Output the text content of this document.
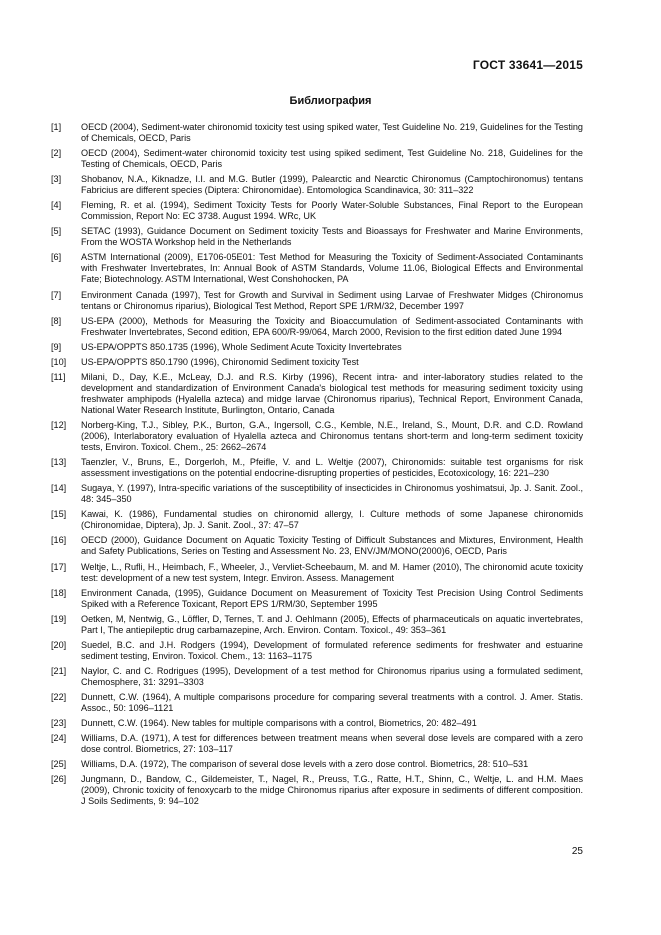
ГОСТ 33641—2015
Библиография
[1]	OECD (2004), Sediment-water chironomid toxicity test using spiked water, Test Guideline No. 219, Guidelines for the Testing of Chemicals, OECD, Paris
[2]	OECD (2004), Sediment-water chironomid toxicity test using spiked sediment, Test Guideline No. 218, Guidelines for the Testing of Chemicals, OECD, Paris
[3]	Shobanov, N.A., Kiknadze, I.I. and M.G. Butler (1999), Palearctic and Nearctic Chironomus (Camptochironomus) tentans Fabricius are different species (Diptera: Chironomidae). Entomologica Scandinavica, 30: 311–322
[4]	Fleming, R. et al. (1994), Sediment Toxicity Tests for Poorly Water-Soluble Substances, Final Report to the European Commission, Report No: EC 3738. August 1994. WRc, UK
[5]	SETAC (1993), Guidance Document on Sediment toxicity Tests and Bioassays for Freshwater and Marine Environments, From the WOSTA Workshop held in the Netherlands
[6]	ASTM International (2009), E1706-05E01: Test Method for Measuring the Toxicity of Sediment-Associated Contaminants with Freshwater Invertebrates, In: Annual Book of ASTM Standards, Volume 11.06, Biological Effects and Environmental Fate; Biotechnology. ASTM International, West Conshohocken, PA
[7]	Environment Canada (1997), Test for Growth and Survival in Sediment using Larvae of Freshwater Midges (Chironomus tentans or Chironomus riparius), Biological Test Method, Report SPE 1/RM/32, December 1997
[8]	US-EPA (2000), Methods for Measuring the Toxicity and Bioaccumulation of Sediment-associated Contaminants with Freshwater Invertebrates, Second edition, EPA 600/R-99/064, March 2000, Revision to the first edition dated June 1994
[9]	US-EPA/OPPTS 850.1735 (1996), Whole Sediment Acute Toxicity Invertebrates
[10]	US-EPA/OPPTS 850.1790 (1996), Chironomid Sediment toxicity Test
[11]	Milani, D., Day, K.E., McLeay, D.J. and R.S. Kirby (1996), Recent intra- and inter-laboratory studies related to the development and standardization of Environment Canada's biological test methods for measuring sediment toxicity using freshwater amphipods (Hyalella azteca) and midge larvae (Chironomus riparius), Technical Report, Environment Canada, National Water Research Institute, Burlington, Ontario, Canada
[12]	Norberg-King, T.J., Sibley, P.K., Burton, G.A., Ingersoll, C.G., Kemble, N.E., Ireland, S., Mount, D.R. and C.D. Rowland (2006), Interlaboratory evaluation of Hyalella azteca and Chironomus tentans short-term and long-term sediment toxicity tests, Environ. Toxicol. Chem., 25: 2662–2674
[13]	Taenzler, V., Bruns, E., Dorgerloh, M., Pfeifle, V. and L. Weltje (2007), Chironomids: suitable test organisms for risk assessment investigations on the potential endocrine-disrupting properties of pesticides, Ecotoxicology, 16: 221–230
[14]	Sugaya, Y. (1997), Intra-specific variations of the susceptibility of insecticides in Chironomus yoshimatsui, Jp. J. Sanit. Zool., 48: 345–350
[15]	Kawai, K. (1986), Fundamental studies on chironomid allergy, I. Culture methods of some Japanese chironomids (Chironomidae, Diptera), Jp. J. Sanit. Zool., 37: 47–57
[16]	OECD (2000), Guidance Document on Aquatic Toxicity Testing of Difficult Substances and Mixtures, Environment, Health and Safety Publications, Series on Testing and Assessment No. 23, ENV/JM/MONO(2000)6, OECD, Paris
[17]	Weltje, L., Rufli, H., Heimbach, F., Wheeler, J., Vervliet-Scheebaum, M. and M. Hamer (2010), The chironomid acute toxicity test: development of a new test system, Integr. Environ. Assess. Management
[18]	Environment Canada, (1995), Guidance Document on Measurement of Toxicity Test Precision Using Control Sediments Spiked with a Reference Toxicant, Report EPS 1/RM/30, September 1995
[19]	Oetken, M, Nentwig, G., Löffler, D, Ternes, T. and J. Oehlmann (2005), Effects of pharmaceuticals on aquatic invertebrates, Part I, The antiepileptic drug carbamazepine, Arch. Environ. Contam. Toxicol., 49: 353–361
[20]	Suedel, B.C. and J.H. Rodgers (1994), Development of formulated reference sediments for freshwater and estuarine sediment testing, Environ. Toxicol. Chem., 13: 1163–1175
[21]	Naylor, C. and C. Rodrigues (1995), Development of a test method for Chironomus riparius using a formulated sediment, Chemosphere, 31: 3291–3303
[22]	Dunnett, C.W. (1964), A multiple comparisons procedure for comparing several treatments with a control. J. Amer. Statis. Assoc., 50: 1096–1121
[23]	Dunnett, C.W. (1964). New tables for multiple comparisons with a control, Biometrics, 20: 482–491
[24]	Williams, D.A. (1971), A test for differences between treatment means when several dose levels are compared with a zero dose control. Biometrics, 27: 103–117
[25]	Williams, D.A. (1972), The comparison of several dose levels with a zero dose control. Biometrics, 28: 510–531
[26]	Jungmann, D., Bandow, C., Gildemeister, T., Nagel, R., Preuss, T.G., Ratte, H.T., Shinn, C., Weltje, L. and H.M. Maes (2009), Chronic toxicity of fenoxycarb to the midge Chironomus riparius after exposure in sediments of different composition. J Soils Sediments, 9: 94–102
25
